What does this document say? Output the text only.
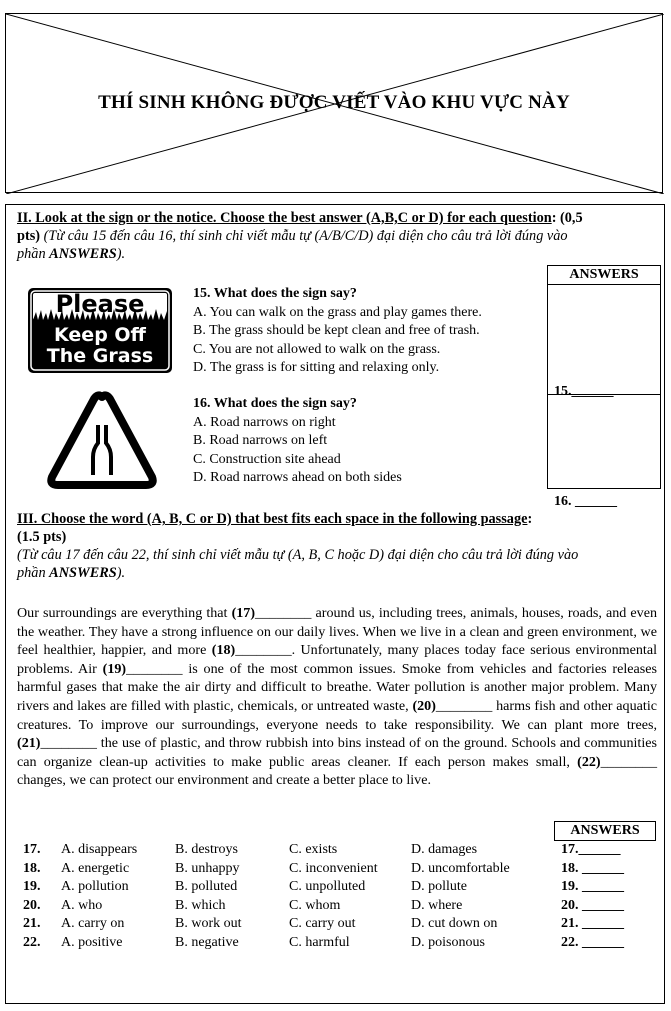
THÍ SINH KHÔNG ĐƯỢC VIẾT VÀO KHU VỰC NÀY
II. Look at the sign or the notice. Choose the best answer (A,B,C or D) for each question: (0,5
pts) (Từ câu 15 đến câu 16, thí sinh chỉ viết mẫu tự (A/B/C/D) đại diện cho câu trả lời đúng vào
phần ANSWERS).
ANSWERS
15.______
16. ______
Please
Keep Off
The Grass
15. What does the sign say?
A. You can walk on the grass and play games there.
B. The grass should be kept clean and free of trash.
C. You are not allowed to walk on the grass.
D. The grass is for sitting and relaxing only.
16. What does the sign say?
A. Road narrows on right
B. Road narrows on left
C. Construction site ahead
D. Road narrows ahead on both sides
III. Choose the word (A, B, C or D) that best fits each space in the following passage:
(1.5 pts)
(Từ câu 17 đến câu 22, thí sinh chỉ viết mẫu tự (A, B, C hoặc D) đại diện cho câu trả lời đúng vào
phần ANSWERS).
Our surroundings are everything that (17)________ around us, including trees, animals, houses, roads, and even the weather. They have a strong influence on our daily lives. When we live in a clean and green environment, we feel healthier, happier, and more (18)________. Unfortunately, many places today face serious environmental problems. Air (19)________ is one of the most common issues. Smoke from vehicles and factories releases harmful gases that make the air dirty and difficult to breathe. Water pollution is another major problem. Many rivers and lakes are filled with plastic, chemicals, or untreated waste, (20)________ harms fish and other aquatic creatures. To improve our surroundings, everyone needs to take responsibility. We can plant more trees, (21)________ the use of plastic, and throw rubbish into bins instead of on the ground. Schools and communities can organize clean-up activities to make public areas cleaner. If each person makes small, (22)________ changes, we can protect our environment and create a better place to live.
ANSWERS
17. A. disappears	B. destroys	C. exists	D. damages	17.______
18. A. energetic	B. unhappy	C. inconvenient D. uncomfortable	18. ______
19. A. pollution	B. polluted	C. unpolluted	D. pollute	19. ______
20. A. who	B. which	C. whom	D. where	20. ______
21. A. carry on	B. work out	C. carry out	D. cut down on	21. ______
22. A. positive	B. negative	C. harmful	D. poisonous	22. ______
